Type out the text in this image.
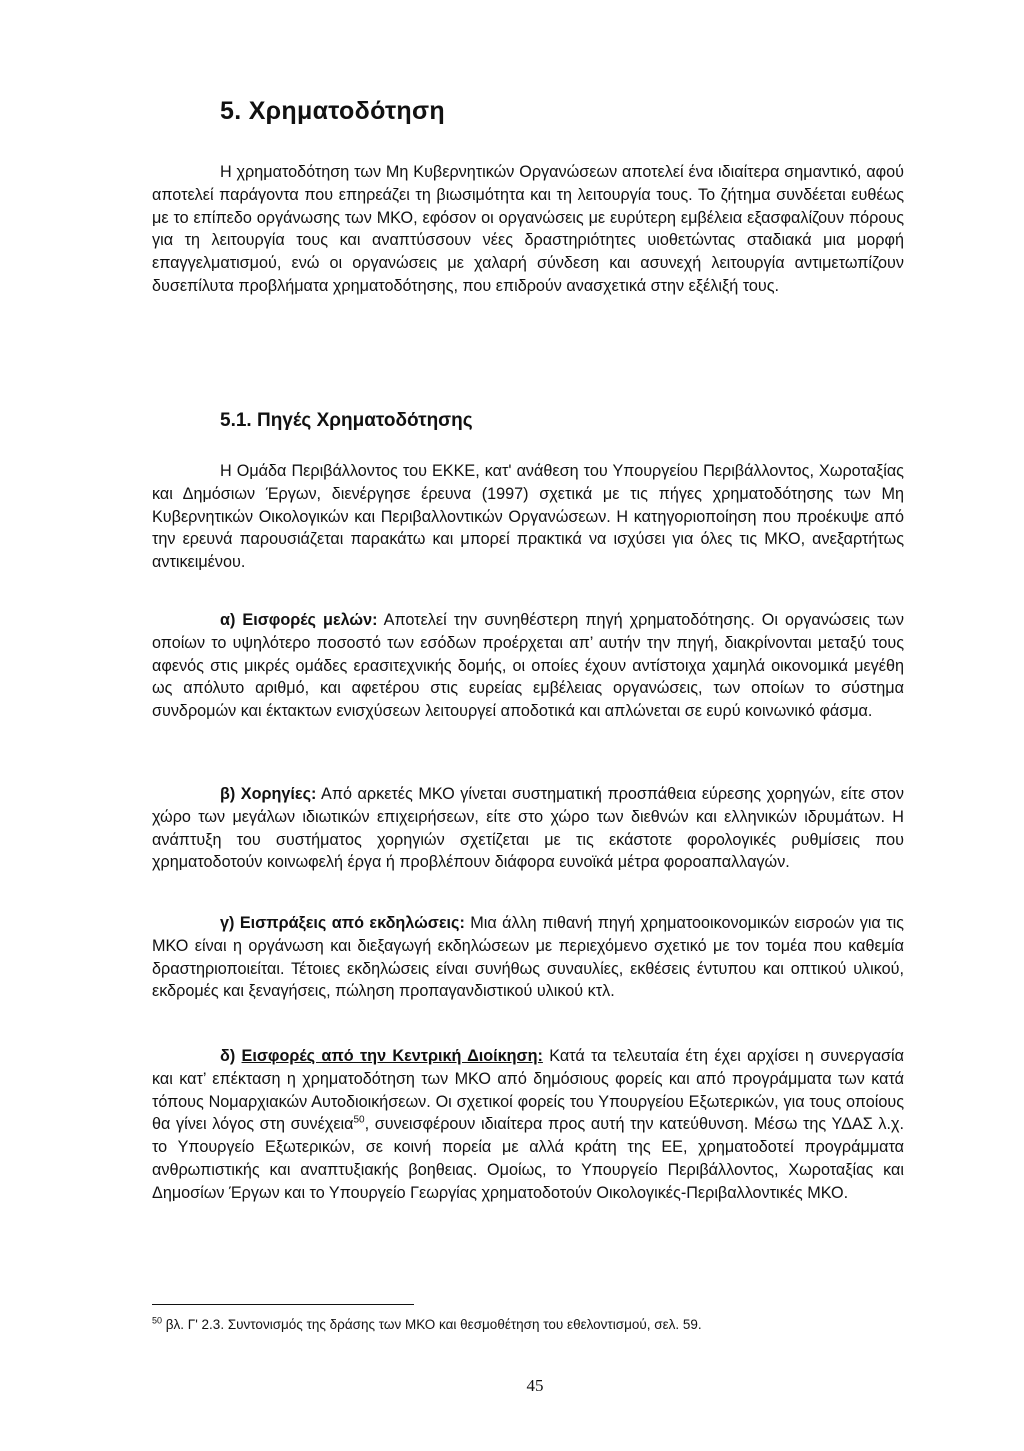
5. Χρηματοδότηση

Η χρηματοδότηση των Μη Κυβερνητικών Οργανώσεων αποτελεί ένα ιδιαίτερα σημαντικό, αφού αποτελεί παράγοντα που επηρεάζει τη βιωσιμότητα και τη λειτουργία τους. Το ζήτημα συνδέεται ευθέως με το επίπεδο οργάνωσης των ΜΚΟ, εφόσον οι οργανώσεις με ευρύτερη εμβέλεια εξασφαλίζουν πόρους για τη λειτουργία τους και αναπτύσσουν νέες δραστηριότητες υιοθετώντας σταδιακά μια μορφή επαγγελματισμού, ενώ οι οργανώσεις με χαλαρή σύνδεση και ασυνεχή λειτουργία αντιμετωπίζουν δυσεπίλυτα προβλήματα χρηματοδότησης, που επιδρούν ανασχετικά στην εξέλιξή τους.

5.1. Πηγές Χρηματοδότησης

Η Ομάδα Περιβάλλοντος του ΕΚΚΕ, κατ' ανάθεση του Υπουργείου Περιβάλλοντος, Χωροταξίας και Δημόσιων Έργων, διενέργησε έρευνα (1997) σχετικά με τις πήγες χρηματοδότησης των Μη Κυβερνητικών Οικολογικών και Περιβαλλοντικών Οργανώσεων. Η κατηγοριοποίηση που προέκυψε από την ερευνά παρουσιάζεται παρακάτω και μπορεί πρακτικά να ισχύσει για όλες τις ΜΚΟ, ανεξαρτήτως αντικειμένου.

α) Εισφορές μελών: Αποτελεί την συνηθέστερη πηγή χρηματοδότησης. Οι οργανώσεις των οποίων το υψηλότερο ποσοστό των εσόδων προέρχεται απ’ αυτήν την πηγή, διακρίνονται μεταξύ τους αφενός στις μικρές ομάδες ερασιτεχνικής δομής, οι οποίες έχουν αντίστοιχα χαμηλά οικονομικά μεγέθη ως απόλυτο αριθμό, και αφετέρου στις ευρείας εμβέλειας οργανώσεις, των οποίων το σύστημα συνδρομών και έκτακτων ενισχύσεων λειτουργεί αποδοτικά και απλώνεται σε ευρύ κοινωνικό φάσμα.

β) Χορηγίες: Από αρκετές ΜΚΟ γίνεται συστηματική προσπάθεια εύρεσης χορηγών, είτε στον χώρο των μεγάλων ιδιωτικών επιχειρήσεων, είτε στο χώρο των διεθνών και ελληνικών ιδρυμάτων. Η ανάπτυξη του συστήματος χορηγιών σχετίζεται με τις εκάστοτε φορολογικές ρυθμίσεις που χρηματοδοτούν κοινωφελή έργα ή προβλέπουν διάφορα ευνοϊκά μέτρα φοροαπαλλαγών.

γ) Εισπράξεις από εκδηλώσεις: Μια άλλη πιθανή πηγή χρηματοοικονομικών εισροών για τις ΜΚΟ είναι η οργάνωση και διεξαγωγή εκδηλώσεων με περιεχόμενο σχετικό με τον τομέα που καθεμία δραστηριοποιείται. Τέτοιες εκδηλώσεις είναι συνήθως συναυλίες, εκθέσεις έντυπου και οπτικού υλικού, εκδρομές και ξεναγήσεις, πώληση προπαγανδιστικού υλικού κτλ.

δ) Εισφορές από την Κεντρική Διοίκηση: Κατά τα τελευταία έτη έχει αρχίσει η συνεργασία και κατ’ επέκταση η χρηματοδότηση των ΜΚΟ από δημόσιους φορείς και από προγράμματα των κατά τόπους Νομαρχιακών Αυτοδιοικήσεων. Οι σχετικοί φορείς του Υπουργείου Εξωτερικών, για τους οποίους θα γίνει λόγος στη συνέχεια$^{50}$, συνεισφέρουν ιδιαίτερα προς αυτή την κατεύθυνση. Μέσω της ΥΔΑΣ λ.χ. το Υπουργείο Εξωτερικών, σε κοινή πορεία με αλλά κράτη της ΕΕ, χρηματοδοτεί προγράμματα ανθρωπιστικής και αναπτυξιακής βοηθειας. Ομοίως, το Υπουργείο Περιβάλλοντος, Χωροταξίας και Δημοσίων Έργων και το Υπουργείο Γεωργίας χρηματοδοτούν Οικολογικές-Περιβαλλοντικές ΜΚΟ.

$^{50}$ βλ. Γ' 2.3. Συντονισμός της δράσης των ΜΚΟ και θεσμοθέτηση του εθελοντισμού, σελ. 59.

45
